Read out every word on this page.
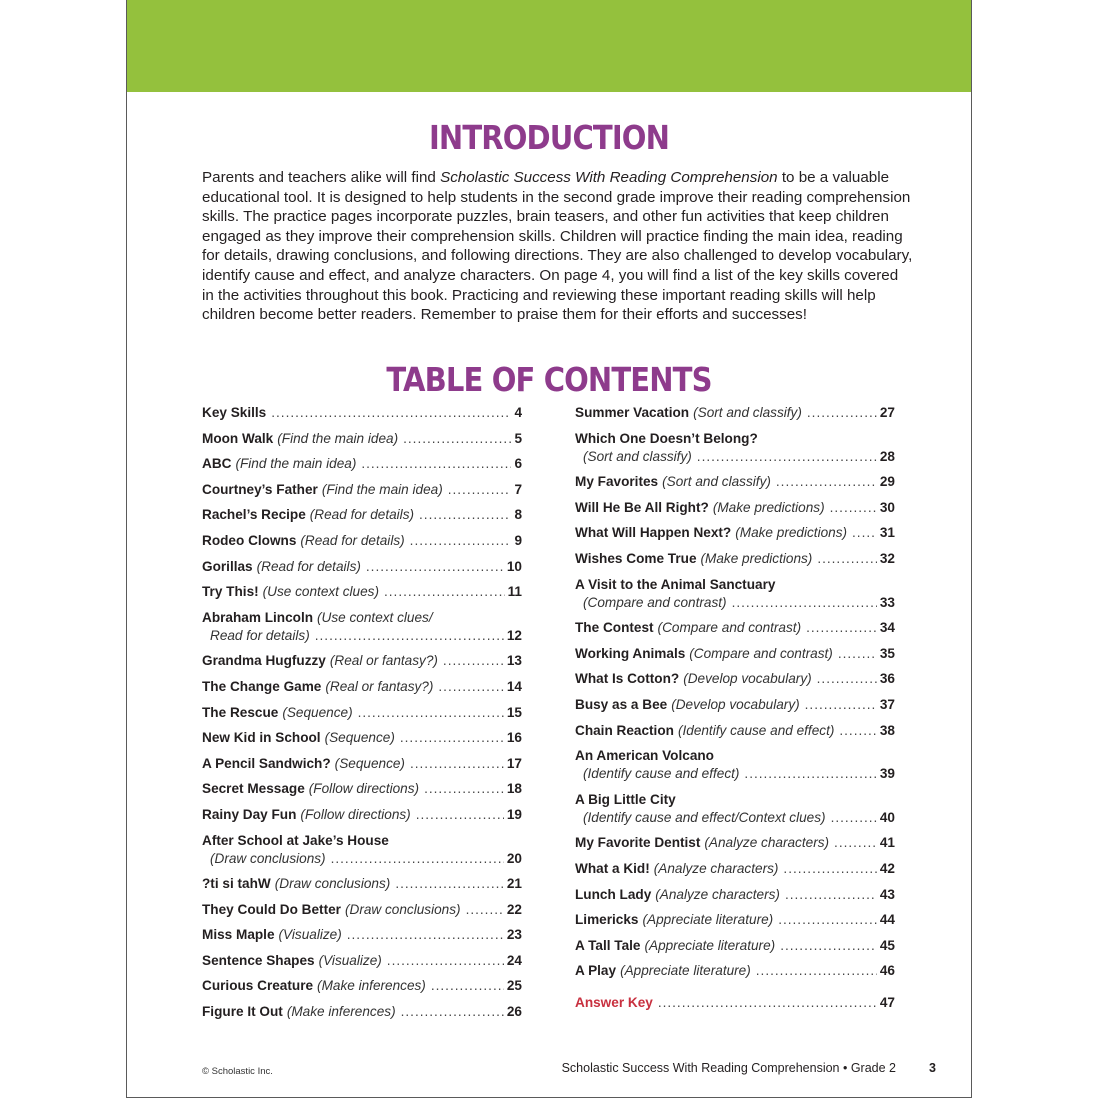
INTRODUCTION

Parents and teachers alike will find Scholastic Success With Reading Comprehension to be a valuable educational tool. It is designed to help students in the second grade improve their reading comprehension skills. The practice pages incorporate puzzles, brain teasers, and other fun activities that keep children engaged as they improve their comprehension skills. Children will practice finding the main idea, reading for details, drawing conclusions, and following directions. They are also challenged to develop vocabulary, identify cause and effect, and analyze characters. On page 4, you will find a list of the key skills covered in the activities throughout this book. Practicing and reviewing these important reading skills will help children become better readers. Remember to praise them for their efforts and successes!

TABLE OF CONTENTS
Key Skills .....	4
Moon Walk (Find the main idea) .....	5
ABC (Find the main idea) .....	6
Courtney’s Father (Find the main idea) .....	7
Rachel’s Recipe (Read for details) .....	8
Rodeo Clowns (Read for details) .....	9
Gorillas (Read for details) .....	10
Try This! (Use context clues) .....	11
Abraham Lincoln (Use context clues/
Read for details) .....	12
Grandma Hugfuzzy (Real or fantasy?) .....	13
The Change Game (Real or fantasy?) .....	14
The Rescue (Sequence) .....	15
New Kid in School (Sequence) .....	16
A Pencil Sandwich? (Sequence) .....	17
Secret Message (Follow directions) .....	18
Rainy Day Fun (Follow directions) .....	19
After School at Jake’s House
(Draw conclusions) .....	20
?ti si tahW (Draw conclusions) .....	21
They Could Do Better (Draw conclusions) .....	22
Miss Maple (Visualize) .....	23
Sentence Shapes (Visualize) .....	24
Curious Creature (Make inferences) .....	25
Figure It Out (Make inferences) .....	26
Summer Vacation (Sort and classify) .....	27
Which One Doesn’t Belong?
(Sort and classify) .....	28
My Favorites (Sort and classify) .....	29
Will He Be All Right? (Make predictions) .....	30
What Will Happen Next? (Make predictions) ..... 31
Wishes Come True (Make predictions) .....	32
A Visit to the Animal Sanctuary
(Compare and contrast) .....	33
The Contest (Compare and contrast) .....	34
Working Animals (Compare and contrast) .....	35
What Is Cotton? (Develop vocabulary) .....	36
Busy as a Bee (Develop vocabulary) .....	37
Chain Reaction (Identify cause and effect) .....	38
An American Volcano
(Identify cause and effect) .....	39
A Big Little City
(Identify cause and effect/Context clues) .....	40
My Favorite Dentist (Analyze characters) .....	41
What a Kid! (Analyze characters) .....	42
Lunch Lady (Analyze characters) .....	43
Limericks (Appreciate literature) .....	44
A Tall Tale (Appreciate literature) .....	45
A Play (Appreciate literature) .....	46
Answer Key .....	47
© Scholastic Inc.	Scholastic Success With Reading Comprehension • Grade 2	3
